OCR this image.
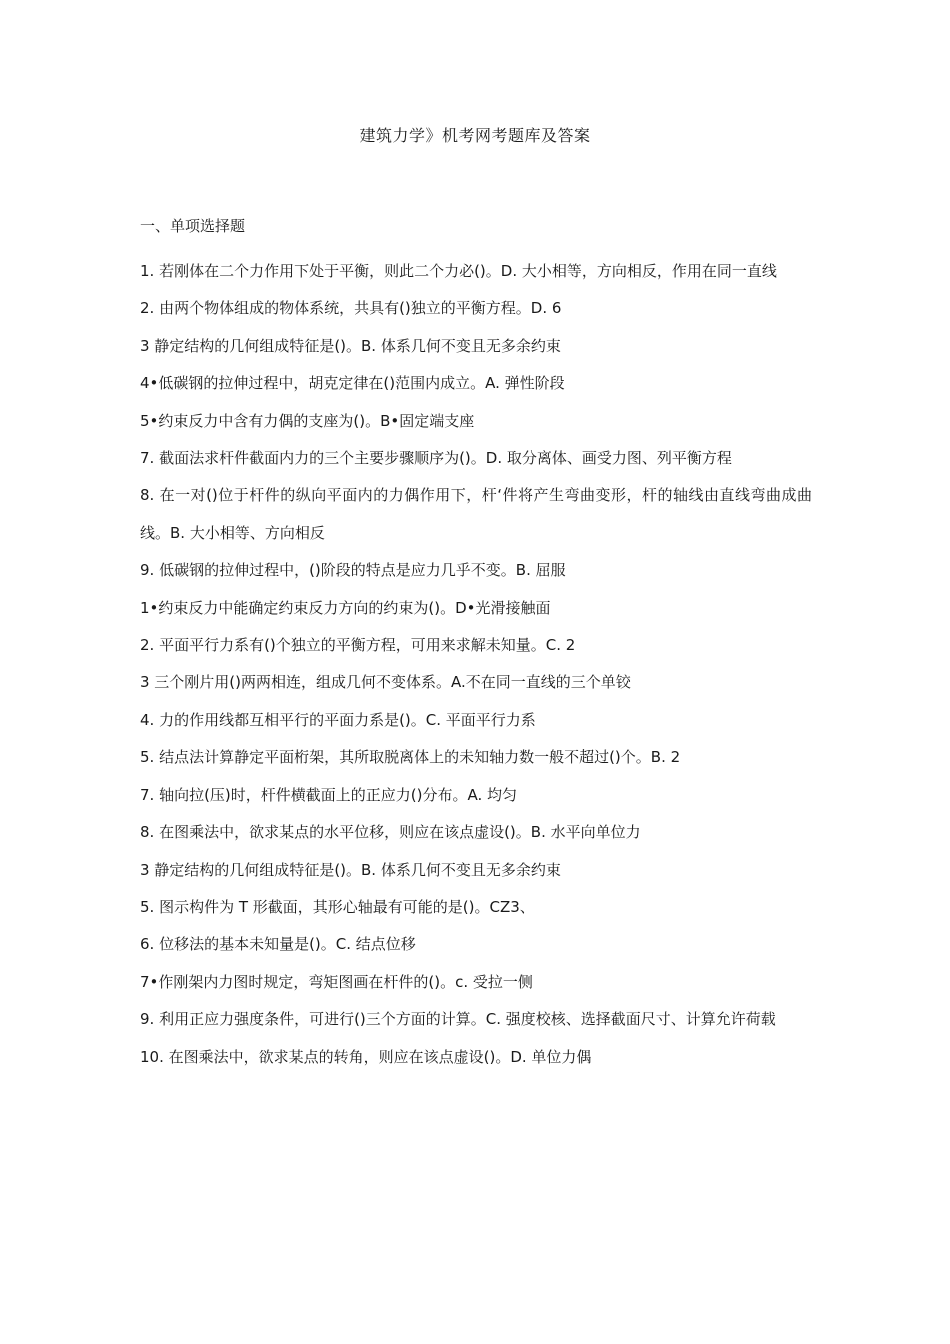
建筑力学》机考网考题库及答案
一、单项选择题
1. 若刚体在二个力作用下处于平衡，则此二个力必()。D. 大小相等，方向相反，作用在同一直线
2. 由两个物体组成的物体系统，共具有()独立的平衡方程。D. 6
3 静定结构的几何组成特征是()。B. 体系几何不变且无多余约束
4•低碳钢的拉伸过程中，胡克定律在()范围内成立。A. 弹性阶段
5•约束反力中含有力偶的支座为()。B•固定端支座
7. 截面法求杆件截面内力的三个主要步骤顺序为()。D. 取分离体、画受力图、列平衡方程
8. 在一对()位于杆件的纵向平面内的力偶作用下，杆‘件将产生弯曲变形，杆的轴线由直线弯曲成曲线。B. 大小相等、方向相反
9. 低碳钢的拉伸过程中，()阶段的特点是应力几乎不变。B. 屈服
1•约束反力中能确定约束反力方向的约束为()。D•光滑接触面
2. 平面平行力系有()个独立的平衡方程，可用来求解未知量。C. 2
3 三个刚片用()两两相连，组成几何不变体系。A.不在同一直线的三个单铰
4. 力的作用线都互相平行的平面力系是()。C. 平面平行力系
5. 结点法计算静定平面桁架，其所取脱离体上的未知轴力数一般不超过()个。B. 2
7. 轴向拉(压)时，杆件横截面上的正应力()分布。A. 均匀
8. 在图乘法中，欲求某点的水平位移，则应在该点虚设()。B. 水平向单位力
3 静定结构的几何组成特征是()。B. 体系几何不变且无多余约束
5. 图示构件为 T 形截面，其形心轴最有可能的是()。CZ3、
6. 位移法的基本未知量是()。C. 结点位移
7•作刚架内力图时规定，弯矩图画在杆件的()。c. 受拉一侧
9. 利用正应力强度条件，可进行()三个方面的计算。C. 强度校核、选择截面尺寸、计算允许荷载
10. 在图乘法中，欲求某点的转角，则应在该点虚设()。D. 单位力偶
